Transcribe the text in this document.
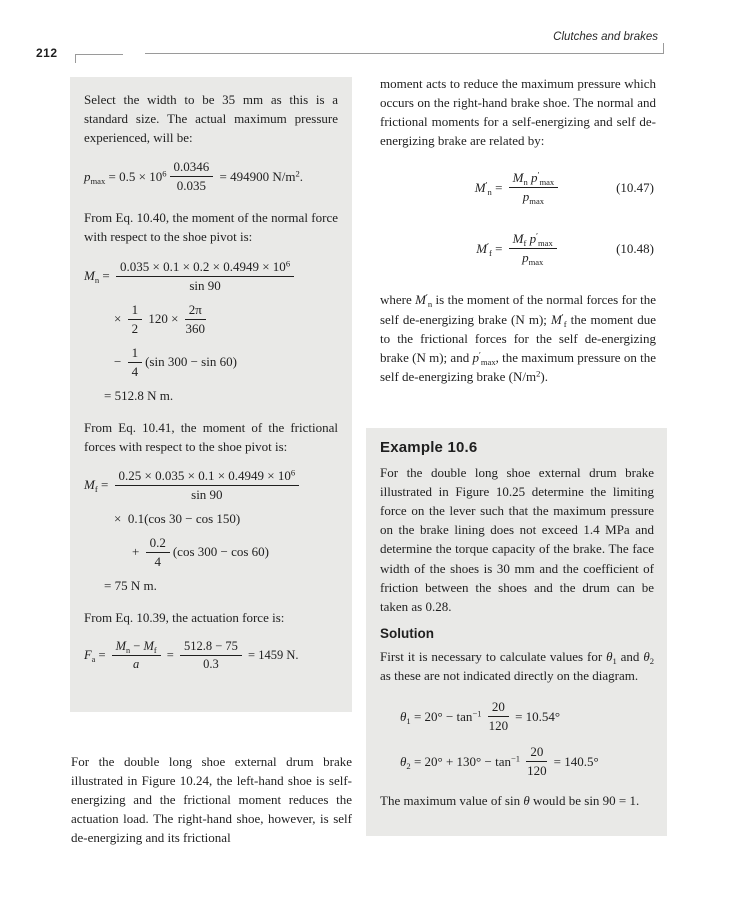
212
Clutches and brakes

Select the width to be 35 mm as this is a standard size. The actual maximum pressure experienced, will be:

$p_{max} = 0.5 \times 10^6 \frac{0.0346}{0.035} = 494900$ $N/m^2$.

From Eq. 10.40, the moment of the normal force with respect to the shoe pivot is:

$M_n = \frac{0.035 \times 0.1 \times 0.2 \times 0.4949 \times 10^6}{\sin 90}$
× $\frac{1}{2} 120 \times \frac{2\pi}{360}$
− $\frac{1}{4} (\sin$ 300 − sin 60)
= 512.8 N m.

From Eq. 10.41, the moment of the frictional forces with respect to the shoe pivot is:

$M_f = \frac{0.25 \times 0.035 \times 0.1 \times 0.4949 \times 10^6}{\sin 90}$
×  0.1(cos 30 − cos 150)
+ $\frac{0.2}{4} (\cos$ 300 − cos 60)
= 75 N m.

From Eq. 10.39, the actuation force is:

$F_a = \frac{M_n - M_f}{a} = \frac{512.8 - 75}{0.3} = 1459$ N.

For the double long shoe external drum brake illustrated in Figure 10.24, the left-hand shoe is self-energizing and the frictional moment reduces the actuation load. The right-hand shoe, however, is self de-energizing and its frictional

moment acts to reduce the maximum pressure which occurs on the right-hand brake shoe. The normal and frictional moments for a self-energizing and self de-energizing brake are related by:

$M'_n = \frac{M_n p'_{max}}{p_{max}}$	(10.47)
$M'_f = \frac{M_f p'_{max}}{p_{max}}$	(10.48)

where $M'_n$ is the moment of the normal forces for the self de-energizing brake (N m); $M'_f$ the moment due to the frictional forces for the self de-energizing brake (N m); and $p'_{max}$, the maximum pressure on the self de-energizing brake $(N/m^2)$.

Example 10.6

For the double long shoe external drum brake illustrated in Figure 10.25 determine the limiting force on the lever such that the maximum pressure on the brake lining does not exceed 1.4 MPa and determine the torque capacity of the brake. The face width of the shoes is 30 mm and the coefficient of friction between the shoes and the drum can be taken as 0.28.

Solution

First it is necessary to calculate values for $\theta_1$ and $\theta_2$ as these are not indicated directly on the diagram.

$\theta_1 = 20^\circ - \tan^{-1} \frac{20}{120} = 10.54^\circ$
$\theta_2 = 20^\circ + 130^\circ - \tan^{-1} \frac{20}{120} = 140.5^\circ$

The maximum value of sin θ would be sin 90 = 1.
